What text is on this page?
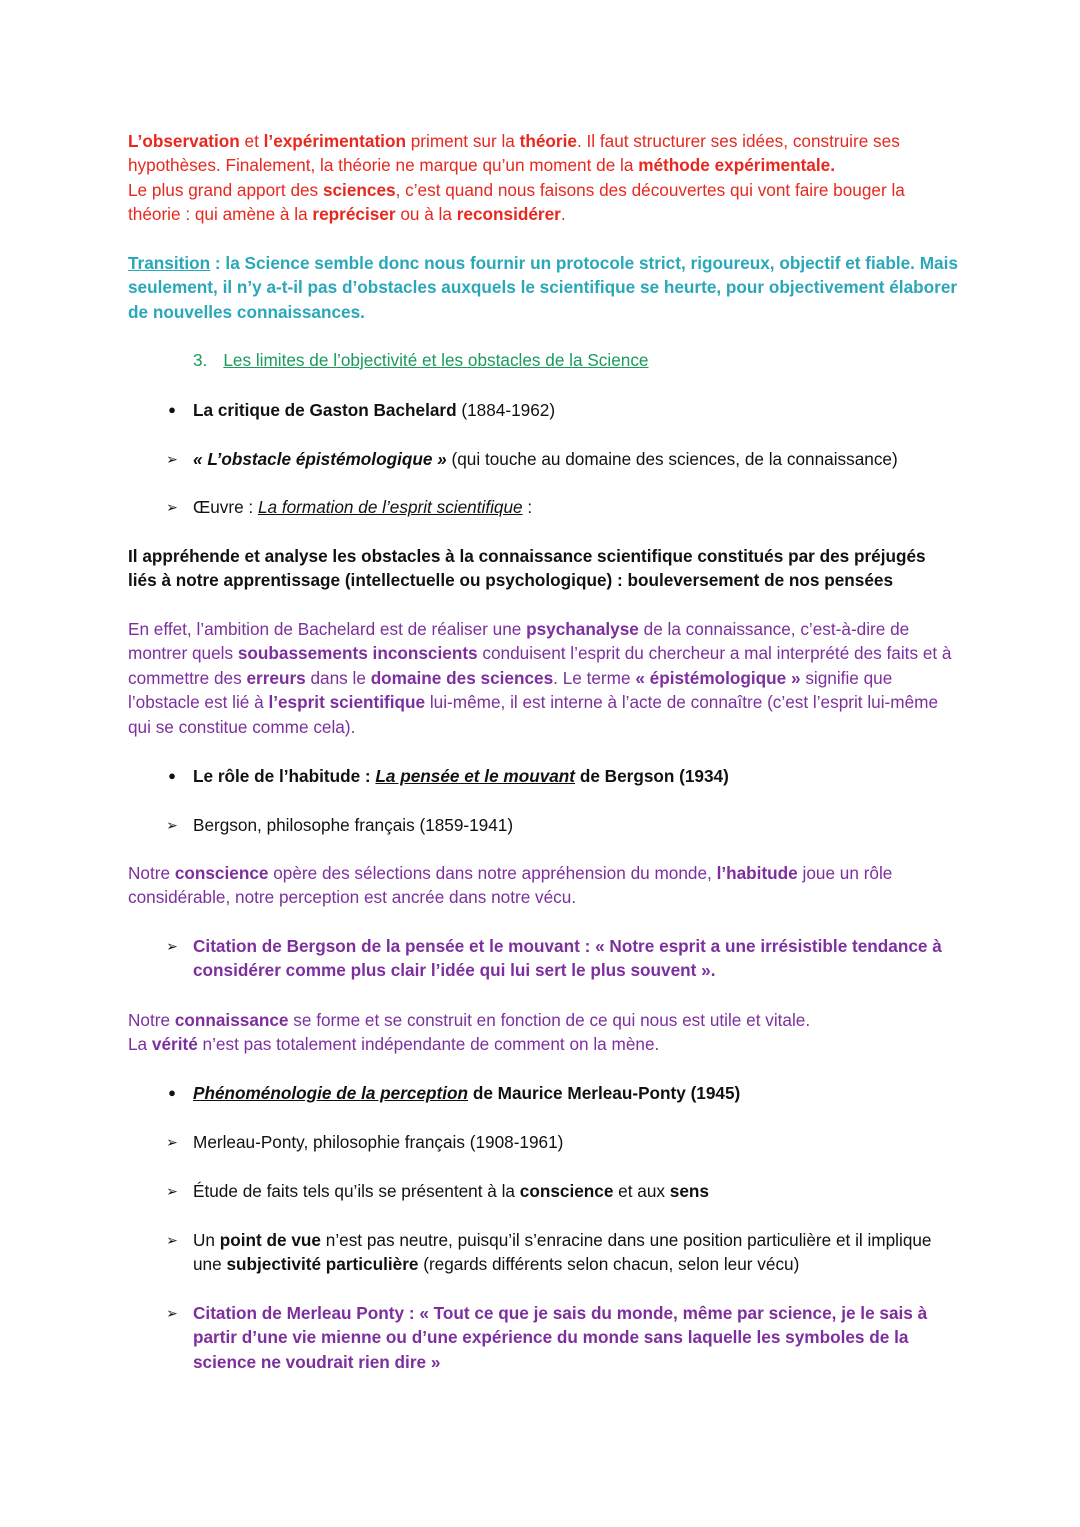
L’observation et l’expérimentation priment sur la théorie. Il faut structurer ses idées, construire ses hypothèses. Finalement, la théorie ne marque qu’un moment de la méthode expérimentale.
Le plus grand apport des sciences, c’est quand nous faisons des découvertes qui vont faire bouger la théorie : qui amène à la repréciser ou à la reconsidérer.

Transition : la Science semble donc nous fournir un protocole strict, rigoureux, objectif et fiable. Mais seulement, il n’y a-t-il pas d’obstacles auxquels le scientifique se heurte, pour objectivement élaborer de nouvelles connaissances.

3. Les limites de l’objectivité et les obstacles de la Science

● La critique de Gaston Bachelard (1884-1962)

➢ « L’obstacle épistémologique » (qui touche au domaine des sciences, de la connaissance)

➢ Œuvre : La formation de l’esprit scientifique :

Il appréhende et analyse les obstacles à la connaissance scientifique constitués par des préjugés liés à notre apprentissage (intellectuelle ou psychologique) : bouleversement de nos pensées

En effet, l’ambition de Bachelard est de réaliser une psychanalyse de la connaissance, c’est-à-dire de montrer quels soubassements inconscients conduisent l’esprit du chercheur a mal interprété des faits et à commettre des erreurs dans le domaine des sciences. Le terme « épistémologique » signifie que l’obstacle est lié à l’esprit scientifique lui-même, il est interne à l’acte de connaître (c’est l’esprit lui-même qui se constitue comme cela).

● Le rôle de l’habitude : La pensée et le mouvant de Bergson (1934)

➢ Bergson, philosophe français (1859-1941)

Notre conscience opère des sélections dans notre appréhension du monde, l’habitude joue un rôle considérable, notre perception est ancrée dans notre vécu.

➢ Citation de Bergson de la pensée et le mouvant : « Notre esprit a une irrésistible tendance à considérer comme plus clair l’idée qui lui sert le plus souvent ».

Notre connaissance se forme et se construit en fonction de ce qui nous est utile et vitale.
La vérité n’est pas totalement indépendante de comment on la mène.

● Phénoménologie de la perception de Maurice Merleau-Ponty (1945)

➢ Merleau-Ponty, philosophie français (1908-1961)

➢ Étude de faits tels qu’ils se présentent à la conscience et aux sens

➢ Un point de vue n’est pas neutre, puisqu’il s’enracine dans une position particulière et il implique une subjectivité particulière (regards différents selon chacun, selon leur vécu)

➢ Citation de Merleau Ponty : « Tout ce que je sais du monde, même par science, je le sais à partir d’une vie mienne ou d’une expérience du monde sans laquelle les symboles de la science ne voudrait rien dire »
